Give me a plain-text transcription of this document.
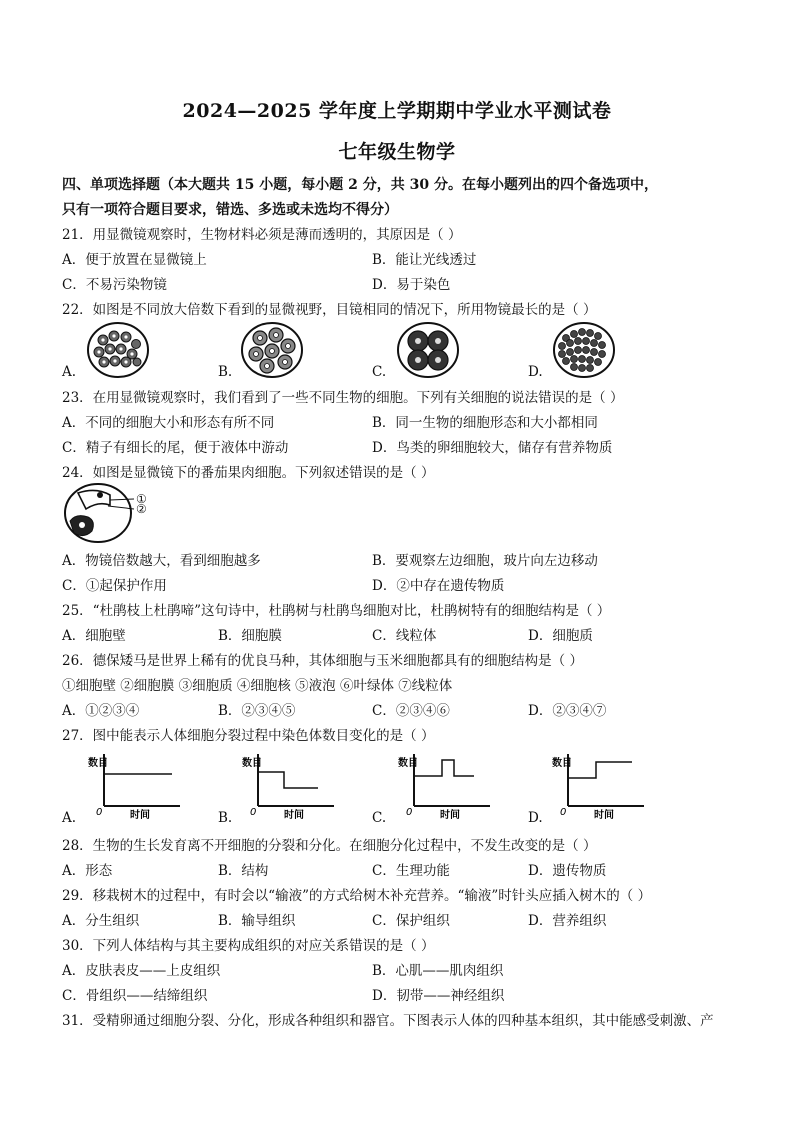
2024—2025 学年度上学期期中学业水平测试卷
七年级生物学
四、单项选择题（本大题共 15 小题，每小题 2 分，共 30 分。在每小题列出的四个备选项中，
只有一项符合题目要求，错选、多选或未选均不得分）
21．用显微镜观察时，生物材料必须是薄而透明的，其原因是（ ）
A．便于放置在显微镜上	B．能让光线透过
C．不易污染物镜	D．易于染色
22．如图是不同放大倍数下看到的显微视野，目镜相同的情况下，所用物镜最长的是（ ）
A.	B.	C.	D.
23．在用显微镜观察时，我们看到了一些不同生物的细胞。下列有关细胞的说法错误的是（ ）
A．不同的细胞大小和形态有所不同	B．同一生物的细胞形态和大小都相同
C．精子有细长的尾，便于液体中游动	D．鸟类的卵细胞较大，储存有营养物质
24．如图是显微镜下的番茄果肉细胞。下列叙述错误的是（ ）
①
②
A．物镜倍数越大，看到细胞越多	B．要观察左边细胞，玻片向左边移动
C．①起保护作用	D．②中存在遗传物质
25．“杜鹃枝上杜鹃啼”这句诗中，杜鹃树与杜鹃鸟细胞对比，杜鹃树特有的细胞结构是（ ）
A．细胞壁	B．细胞膜	C．线粒体	D．细胞质
26．德保矮马是世界上稀有的优良马种，其体细胞与玉米细胞都具有的细胞结构是（ ）
①细胞壁 ②细胞膜 ③细胞质 ④细胞核 ⑤液泡 ⑥叶绿体 ⑦线粒体
A．①②③④	B．②③④⑤	C．②③④⑥	D．②③④⑦
27．图中能表示人体细胞分裂过程中染色体数目变化的是（ ）
A.	B.	C.	D.
数目
0	时间
数目
0	时间
数目
0	时间
数目
0	时间
28．生物的生长发育离不开细胞的分裂和分化。在细胞分化过程中，不发生改变的是（ ）
A．形态	B．结构	C．生理功能	D．遗传物质
29．移栽树木的过程中，有时会以“输液”的方式给树木补充营养。“输液”时针头应插入树木的（ ）
A．分生组织	B．输导组织	C．保护组织	D．营养组织
30．下列人体结构与其主要构成组织的对应关系错误的是（ ）
A．皮肤表皮——上皮组织	B．心肌——肌肉组织
C．骨组织——结缔组织	D．韧带——神经组织
31．受精卵通过细胞分裂、分化，形成各种组织和器官。下图表示人体的四种基本组织，其中能感受刺激、产
